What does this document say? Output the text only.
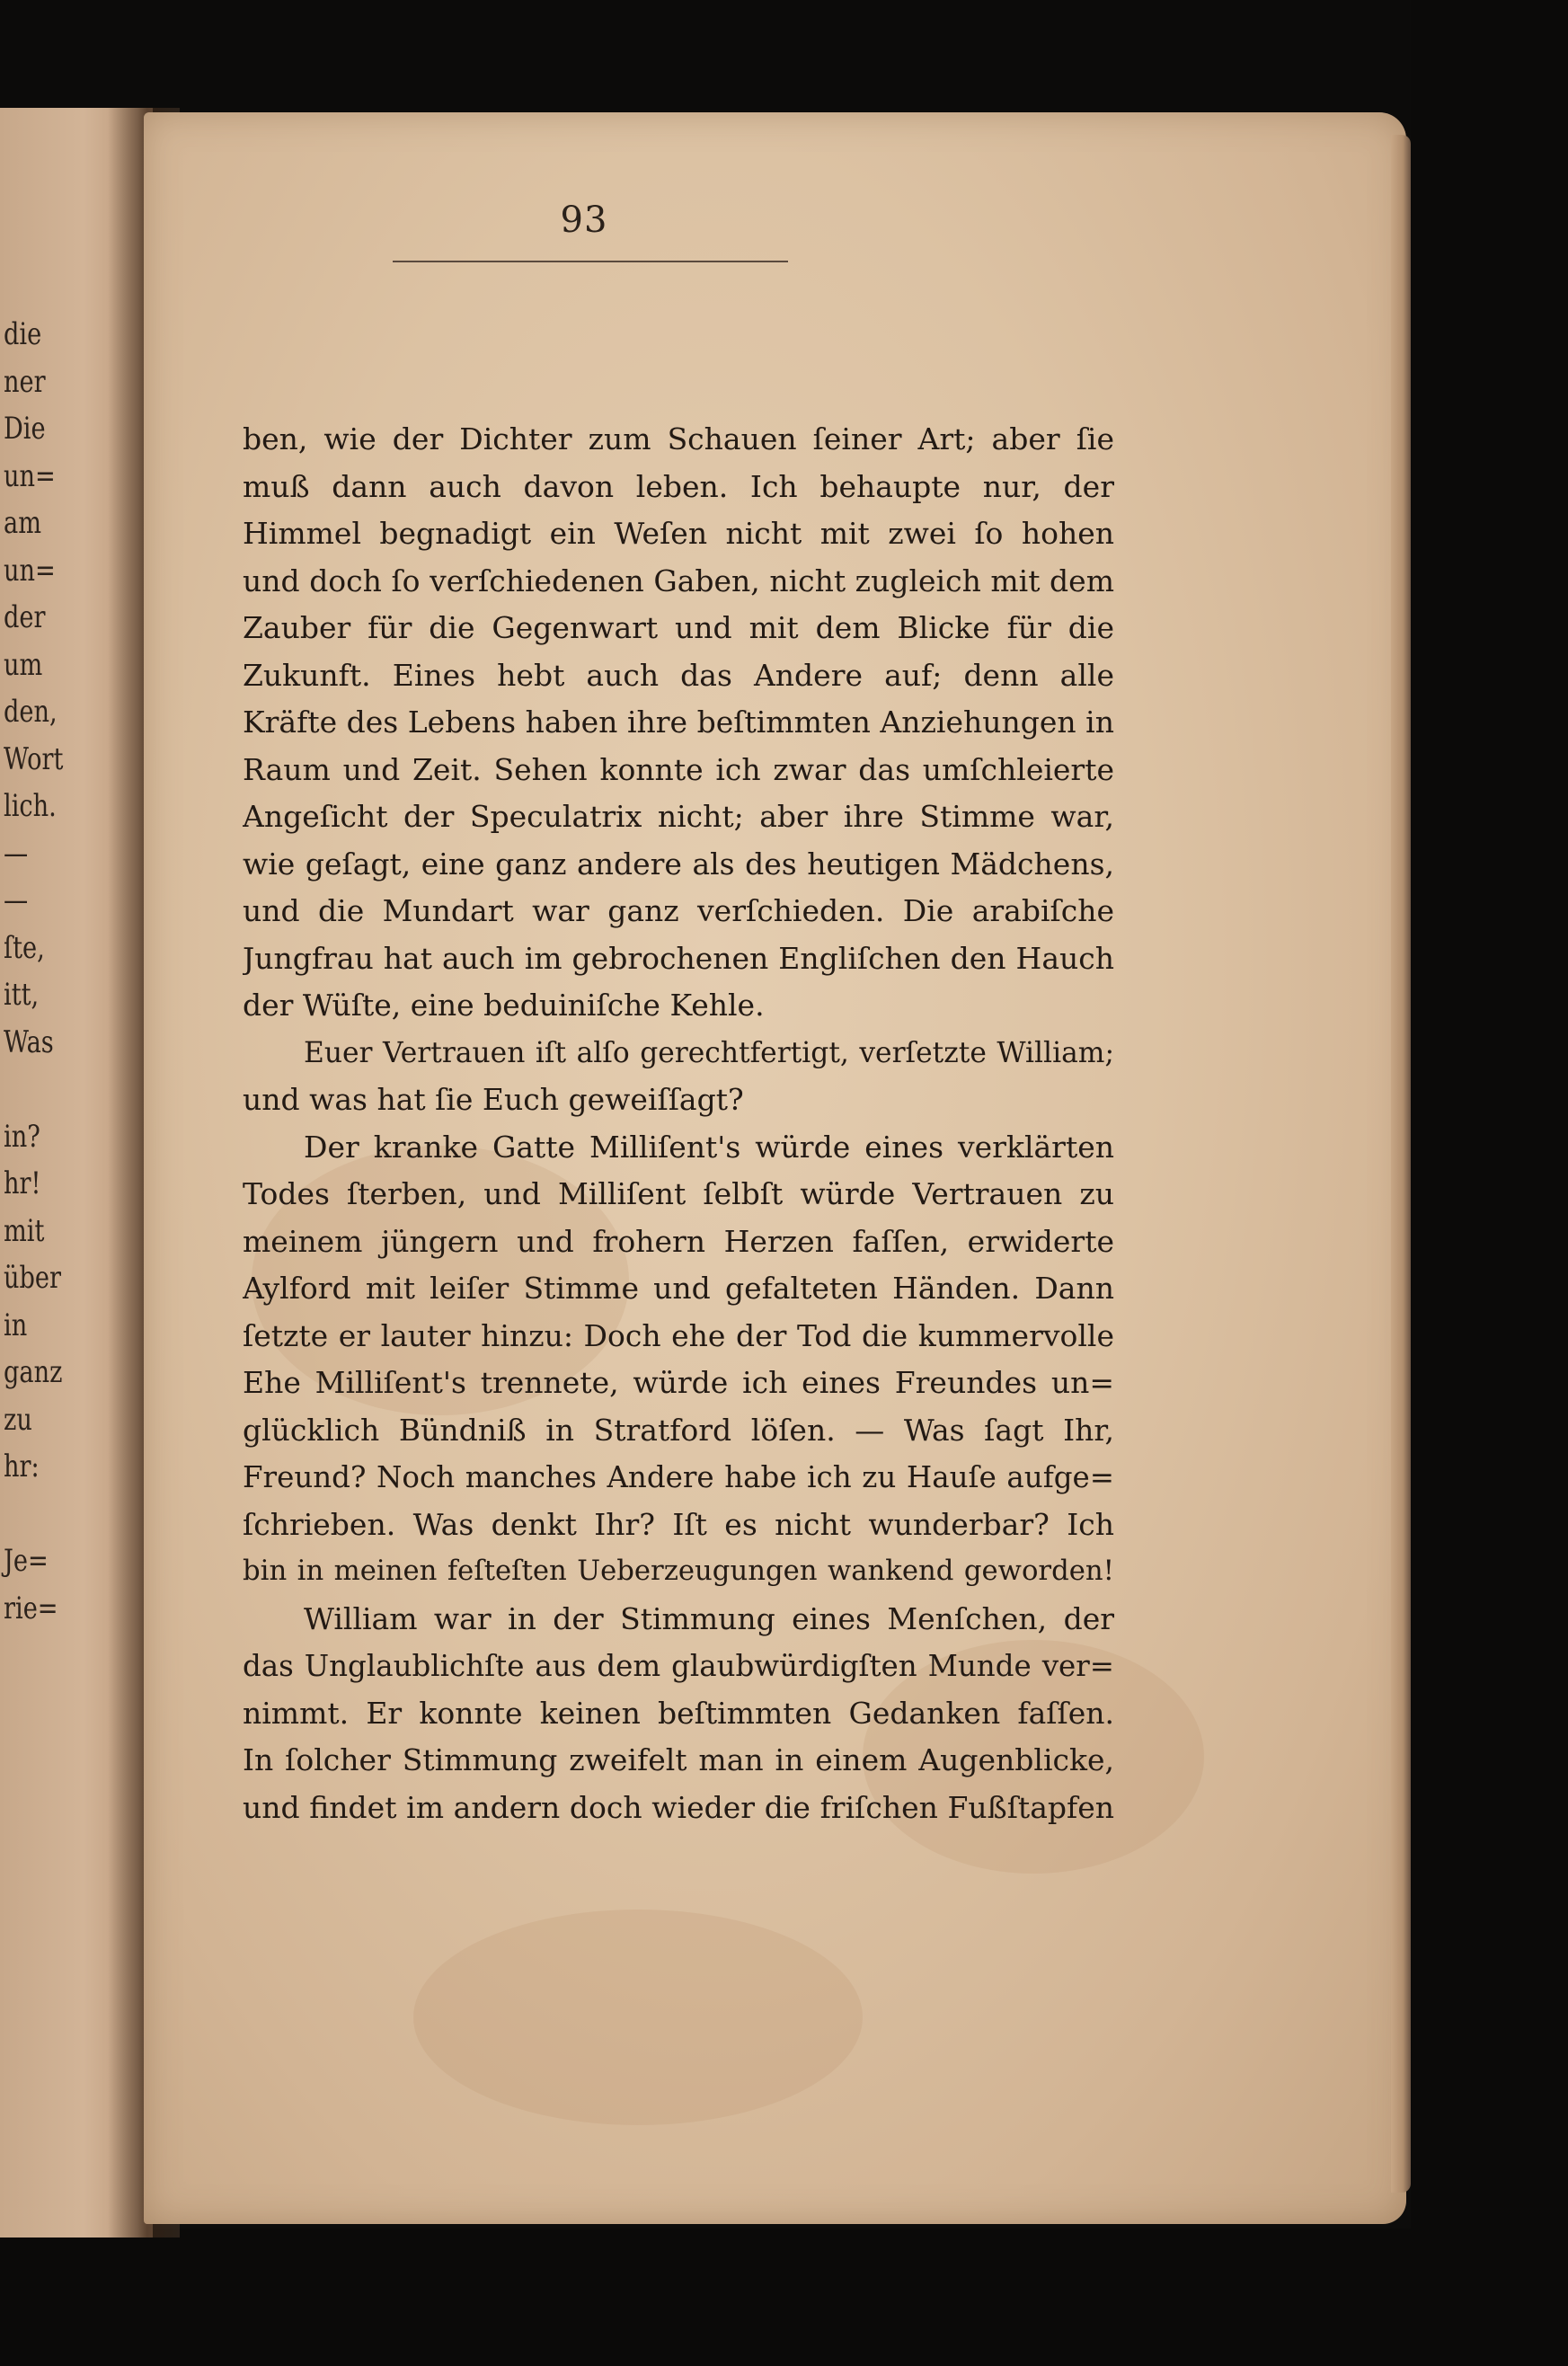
die
ner
Die
un=
am
un=
der
um
den,
Wort
lich.
—
—
ſte,
itt,
Was
in?
hr!
mit
über
in
ganz
zu
hr:
Je=
rie=
93
ben, wie der Dichter zum Schauen ſeiner Art; aber ſie
muß dann auch davon leben. Ich behaupte nur, der
Himmel begnadigt ein Weſen nicht mit zwei ſo hohen
und doch ſo verſchiedenen Gaben, nicht zugleich mit dem
Zauber für die Gegenwart und mit dem Blicke für die
Zukunft. Eines hebt auch das Andere auf; denn alle
Kräfte des Lebens haben ihre beſtimmten Anziehungen in
Raum und Zeit. Sehen konnte ich zwar das umſchleierte
Angeſicht der Speculatrix nicht; aber ihre Stimme war,
wie geſagt, eine ganz andere als des heutigen Mädchens,
und die Mundart war ganz verſchieden. Die arabiſche
Jungfrau hat auch im gebrochenen Engliſchen den Hauch
der Wüſte, eine beduiniſche Kehle.
Euer Vertrauen iſt alſo gerechtfertigt, verſetzte William;
und was hat ſie Euch geweiſſagt?
Der kranke Gatte Milliſent's würde eines verklärten
Todes ſterben, und Milliſent ſelbſt würde Vertrauen zu
meinem jüngern und frohern Herzen faſſen, erwiderte
Aylford mit leiſer Stimme und gefalteten Händen. Dann
ſetzte er lauter hinzu: Doch ehe der Tod die kummervolle
Ehe Milliſent's trennete, würde ich eines Freundes un=
glücklich Bündniß in Stratford löſen. — Was ſagt Ihr,
Freund? Noch manches Andere habe ich zu Hauſe aufge=
ſchrieben. Was denkt Ihr? Iſt es nicht wunderbar? Ich
bin in meinen feſteſten Ueberzeugungen wankend geworden!
William war in der Stimmung eines Menſchen, der
das Unglaublichſte aus dem glaubwürdigſten Munde ver=
nimmt. Er konnte keinen beſtimmten Gedanken faſſen.
In ſolcher Stimmung zweifelt man in einem Augenblicke,
und findet im andern doch wieder die friſchen Fußſtapfen
